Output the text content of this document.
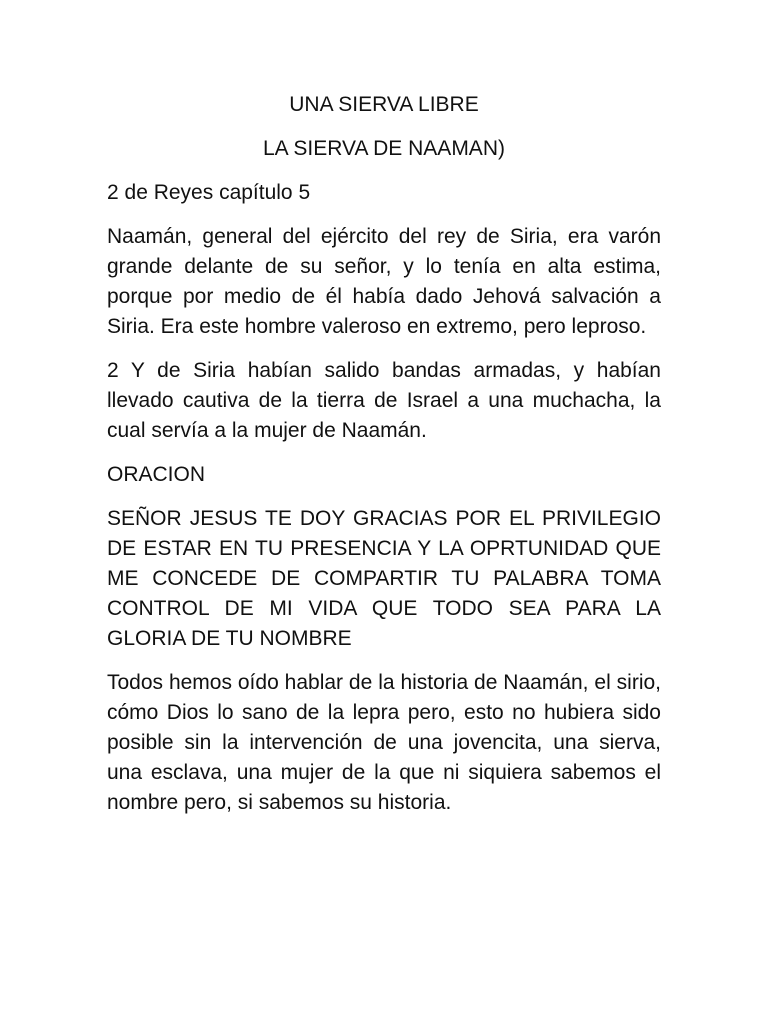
UNA SIERVA LIBRE

LA SIERVA DE NAAMAN)

2 de Reyes capítulo 5

Naamán, general del ejército del rey de Siria, era varón grande delante de su señor, y lo tenía en alta estima, porque por medio de él había dado Jehová salvación a Siria. Era este hombre valeroso en extremo, pero leproso.

2 Y de Siria habían salido bandas armadas, y habían llevado cautiva de la tierra de Israel a una muchacha, la cual servía a la mujer de Naamán.

ORACION

SEÑOR JESUS TE DOY GRACIAS POR EL PRIVILEGIO DE ESTAR EN TU PRESENCIA Y LA OPRTUNIDAD QUE ME CONCEDE DE COMPARTIR TU PALABRA TOMA CONTROL DE MI VIDA QUE TODO SEA PARA LA GLORIA DE TU NOMBRE

Todos hemos oído hablar de la historia de Naamán, el sirio, cómo Dios lo sano de la lepra pero, esto no hubiera sido posible sin la intervención de una jovencita, una sierva, una esclava, una mujer de la que ni siquiera sabemos el nombre pero, si sabemos su historia.
